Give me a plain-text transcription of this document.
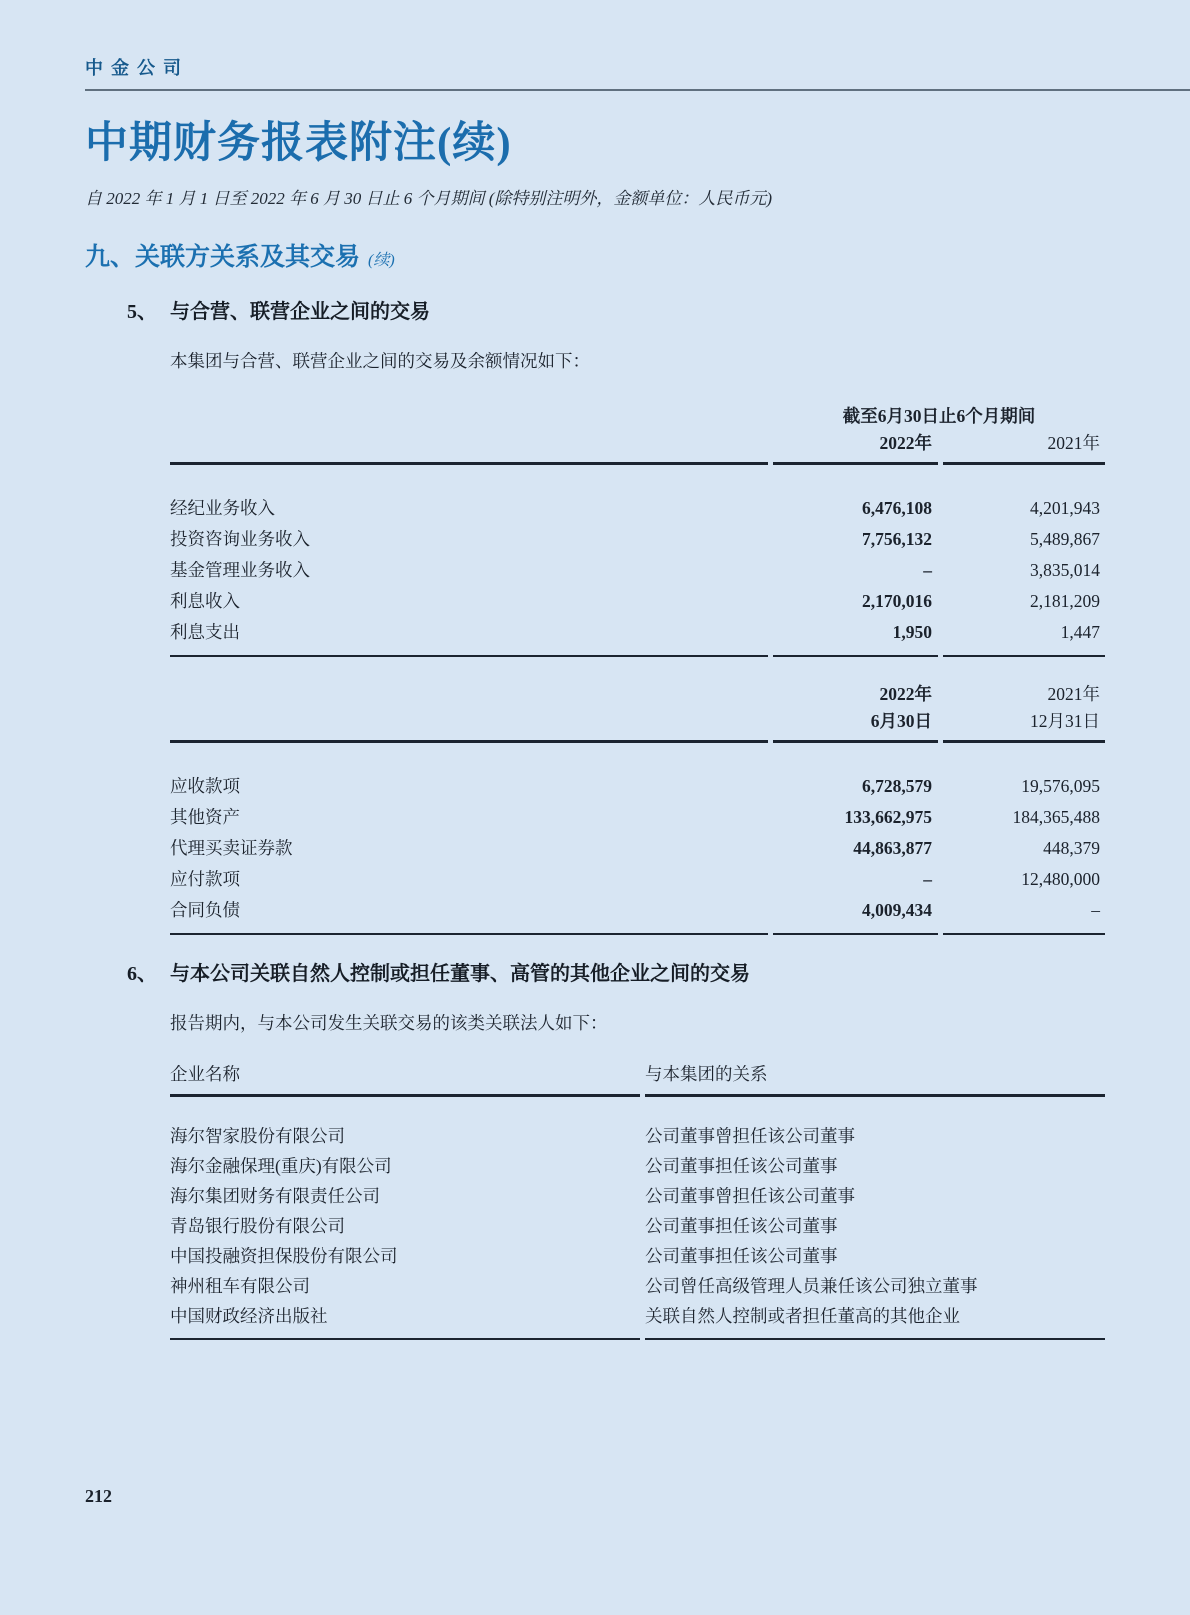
中金公司
中期财务报表附注(续)
自 2022 年 1 月 1 日至 2022 年 6 月 30 日止 6 个月期间 (除特别注明外，金额单位：人民币元)
九、关联方关系及其交易 (续)
5、 与合营、联营企业之间的交易
本集团与合营、联营企业之间的交易及余额情况如下：
截至6月30日止6个月期间
2022年	2021年
经纪业务收入	6,476,108	4,201,943
投资咨询业务收入	7,756,132	5,489,867
基金管理业务收入	–	3,835,014
利息收入	2,170,016	2,181,209
利息支出	1,950	1,447
2022年	2021年
6月30日	12月31日
应收款项	6,728,579	19,576,095
其他资产	133,662,975	184,365,488
代理买卖证券款	44,863,877	448,379
应付款项	–	12,480,000
合同负债	4,009,434	–
6、 与本公司关联自然人控制或担任董事、高管的其他企业之间的交易
报告期内，与本公司发生关联交易的该类关联法人如下：
企业名称	与本集团的关系
海尔智家股份有限公司	公司董事曾担任该公司董事
海尔金融保理(重庆)有限公司	公司董事担任该公司董事
海尔集团财务有限责任公司	公司董事曾担任该公司董事
青岛银行股份有限公司	公司董事担任该公司董事
中国投融资担保股份有限公司	公司董事担任该公司董事
神州租车有限公司	公司曾任高级管理人员兼任该公司独立董事
中国财政经济出版社	关联自然人控制或者担任董高的其他企业
212
